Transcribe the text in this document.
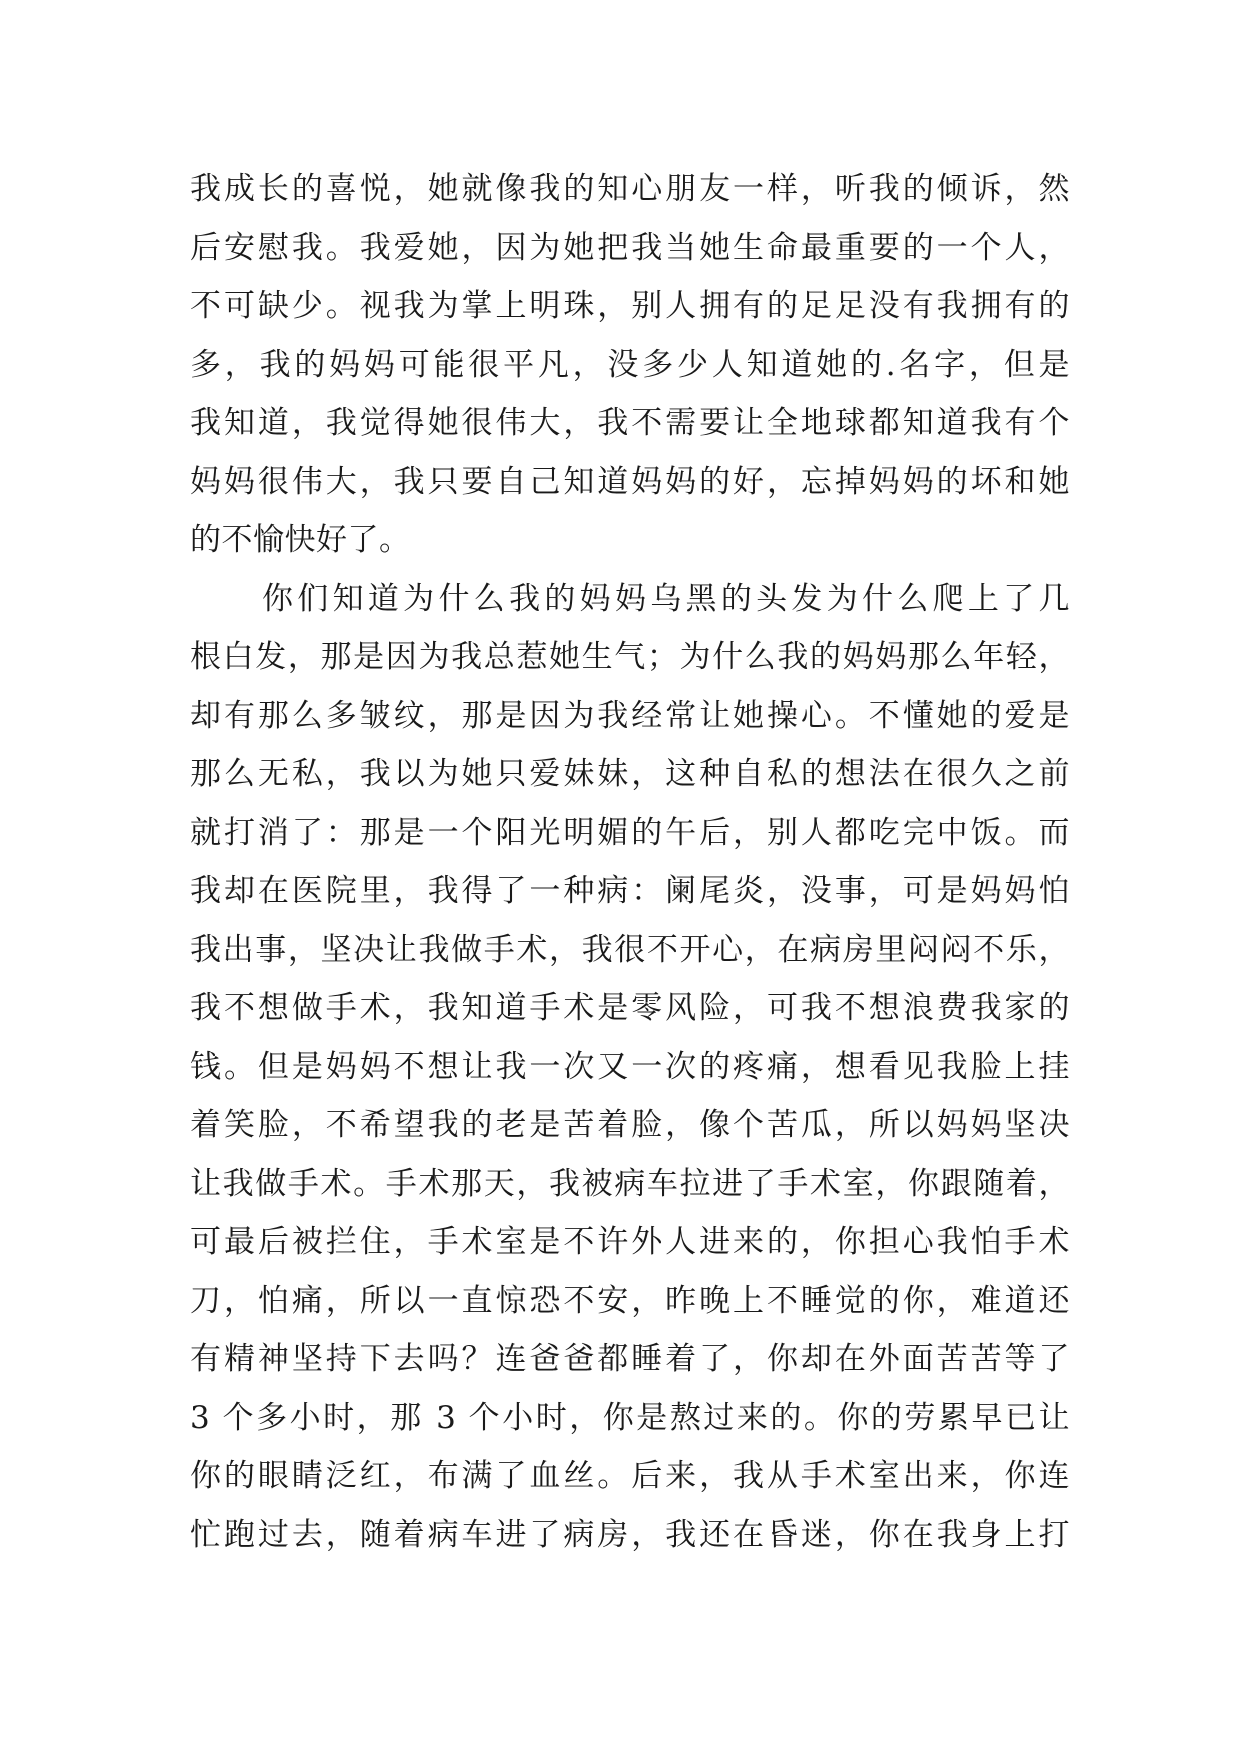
我成长的喜悦，她就像我的知心朋友一样，听我的倾诉，然
后安慰我。我爱她，因为她把我当她生命最重要的一个人，
不可缺少。视我为掌上明珠，别人拥有的足足没有我拥有的
多，我的妈妈可能很平凡，没多少人知道她的.名字，但是
我知道，我觉得她很伟大，我不需要让全地球都知道我有个
妈妈很伟大，我只要自己知道妈妈的好，忘掉妈妈的坏和她
的不愉快好了。
你们知道为什么我的妈妈乌黑的头发为什么爬上了几
根白发，那是因为我总惹她生气；为什么我的妈妈那么年轻，
却有那么多皱纹，那是因为我经常让她操心。不懂她的爱是
那么无私，我以为她只爱妹妹，这种自私的想法在很久之前
就打消了：那是一个阳光明媚的午后，别人都吃完中饭。而
我却在医院里，我得了一种病：阑尾炎，没事，可是妈妈怕
我出事，坚决让我做手术，我很不开心，在病房里闷闷不乐，
我不想做手术，我知道手术是零风险，可我不想浪费我家的
钱。但是妈妈不想让我一次又一次的疼痛，想看见我脸上挂
着笑脸，不希望我的老是苦着脸，像个苦瓜，所以妈妈坚决
让我做手术。手术那天，我被病车拉进了手术室，你跟随着，
可最后被拦住，手术室是不许外人进来的，你担心我怕手术
刀，怕痛，所以一直惊恐不安，昨晚上不睡觉的你，难道还
有精神坚持下去吗？连爸爸都睡着了，你却在外面苦苦等了
3 个多小时，那 3 个小时，你是熬过来的。你的劳累早已让
你的眼睛泛红，布满了血丝。后来，我从手术室出来，你连
忙跑过去，随着病车进了病房，我还在昏迷，你在我身上打
